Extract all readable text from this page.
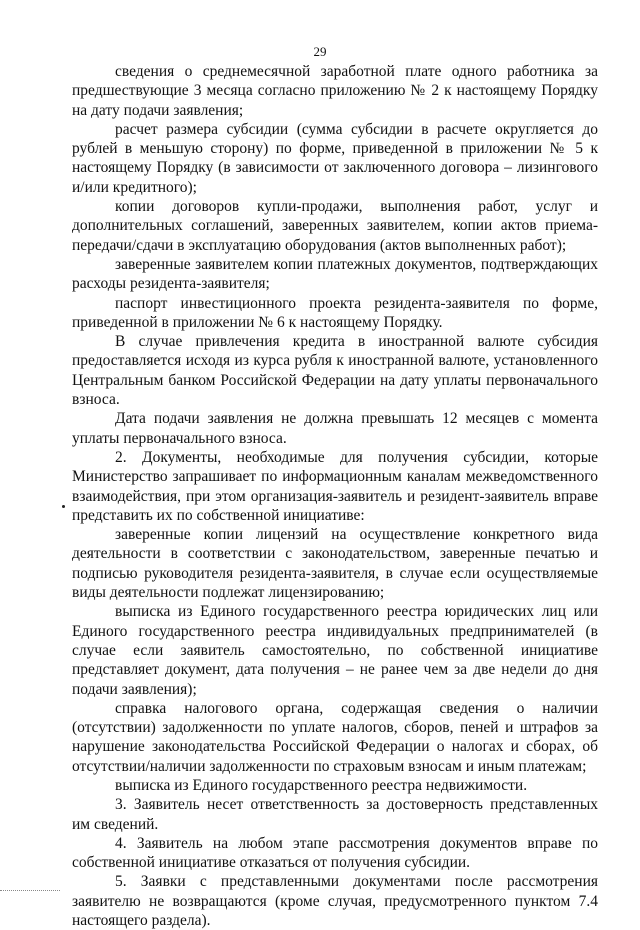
29

сведения о среднемесячной заработной плате одного работника за предшествующие 3 месяца согласно приложению № 2 к настоящему Порядку на дату подачи заявления;

расчет размера субсидии (сумма субсидии в расчете округляется до рублей в меньшую сторону) по форме, приведенной в приложении № 5 к настоящему Порядку (в зависимости от заключенного договора – лизингового и/или кредитного);

копии договоров купли-продажи, выполнения работ, услуг и дополнительных соглашений, заверенных заявителем, копии актов приема-передачи/сдачи в эксплуатацию оборудования (актов выполненных работ);

заверенные заявителем копии платежных документов, подтверждающих расходы резидента-заявителя;

паспорт инвестиционного проекта резидента-заявителя по форме, приведенной в приложении № 6 к настоящему Порядку.

В случае привлечения кредита в иностранной валюте субсидия предоставляется исходя из курса рубля к иностранной валюте, установленного Центральным банком Российской Федерации на дату уплаты первоначального взноса.

Дата подачи заявления не должна превышать 12 месяцев с момента уплаты первоначального взноса.

2. Документы, необходимые для получения субсидии, которые Министерство запрашивает по информационным каналам межведомственного взаимодействия, при этом организация-заявитель и резидент-заявитель вправе представить их по собственной инициативе:

заверенные копии лицензий на осуществление конкретного вида деятельности в соответствии с законодательством, заверенные печатью и подписью руководителя резидента-заявителя, в случае если осуществляемые виды деятельности подлежат лицензированию;

выписка из Единого государственного реестра юридических лиц или Единого государственного реестра индивидуальных предпринимателей (в случае если заявитель самостоятельно, по собственной инициативе представляет документ, дата получения – не ранее чем за две недели до дня подачи заявления);

справка налогового органа, содержащая сведения о наличии (отсутствии) задолженности по уплате налогов, сборов, пеней и штрафов за нарушение законодательства Российской Федерации о налогах и сборах, об отсутствии/наличии задолженности по страховым взносам и иным платежам;

выписка из Единого государственного реестра недвижимости.

3. Заявитель несет ответственность за достоверность представленных им сведений.

4. Заявитель на любом этапе рассмотрения документов вправе по собственной инициативе отказаться от получения субсидии.

5. Заявки с представленными документами после рассмотрения заявителю не возвращаются (кроме случая, предусмотренного пунктом 7.4 настоящего раздела).
